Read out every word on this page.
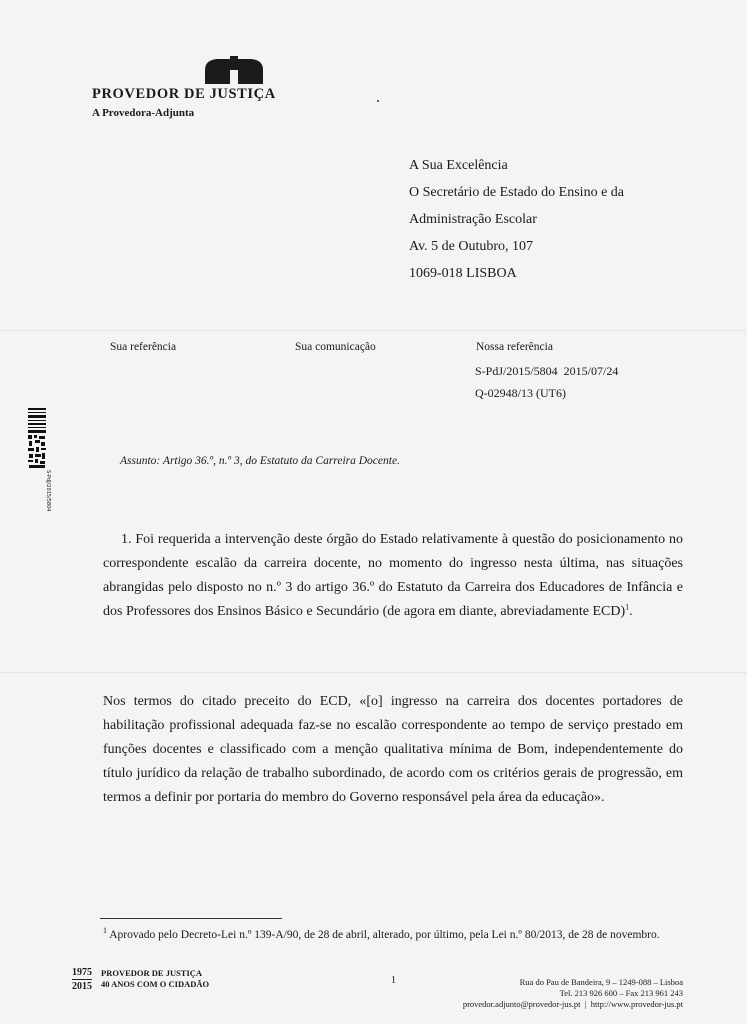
PROVEDOR DE JUSTIÇA
A Provedora-Adjunta
A Sua Excelência
O Secretário de Estado do Ensino e da
Administração Escolar
Av. 5 de Outubro, 107
1069-018 LISBOA
Sua referência	Sua comunicação	Nossa referência
S-PdJ/2015/5804  2015/07/24
Q-02948/13 (UT6)
S-PdJ/2015/5804
Assunto: Artigo 36.º, n.º 3, do Estatuto da Carreira Docente.
1. Foi requerida a intervenção deste órgão do Estado relativamente à questão do posicionamento no correspondente escalão da carreira docente, no momento do ingresso nesta última, nas situações abrangidas pelo disposto no n.º 3 do artigo 36.º do Estatuto da Carreira dos Educadores de Infância e dos Professores dos Ensinos Básico e Secundário (de agora em diante, abreviadamente ECD)$^1$.
Nos termos do citado preceito do ECD, «[o] ingresso na carreira dos docentes portadores de habilitação profissional adequada faz-se no escalão correspondente ao tempo de serviço prestado em funções docentes e classificado com a menção qualitativa mínima de Bom, independentemente do título jurídico da relação de trabalho subordinado, de acordo com os critérios gerais de progressão, em termos a definir por portaria do membro do Governo responsável pela área da educação».
$^1$ Aprovado pelo Decreto-Lei n.º 139-A/90, de 28 de abril, alterado, por último, pela Lei n.º 80/2013, de 28 de novembro.
1975
2015
PROVEDOR DE JUSTIÇA
40 ANOS COM O CIDADÃO	1	Rua do Pau de Bandeira, 9 – 1249-088 – Lisboa
Tel. 213 926 600 – Fax 213 961 243
provedor.adjunto@provedor-jus.pt  |  http://www.provedor-jus.pt
